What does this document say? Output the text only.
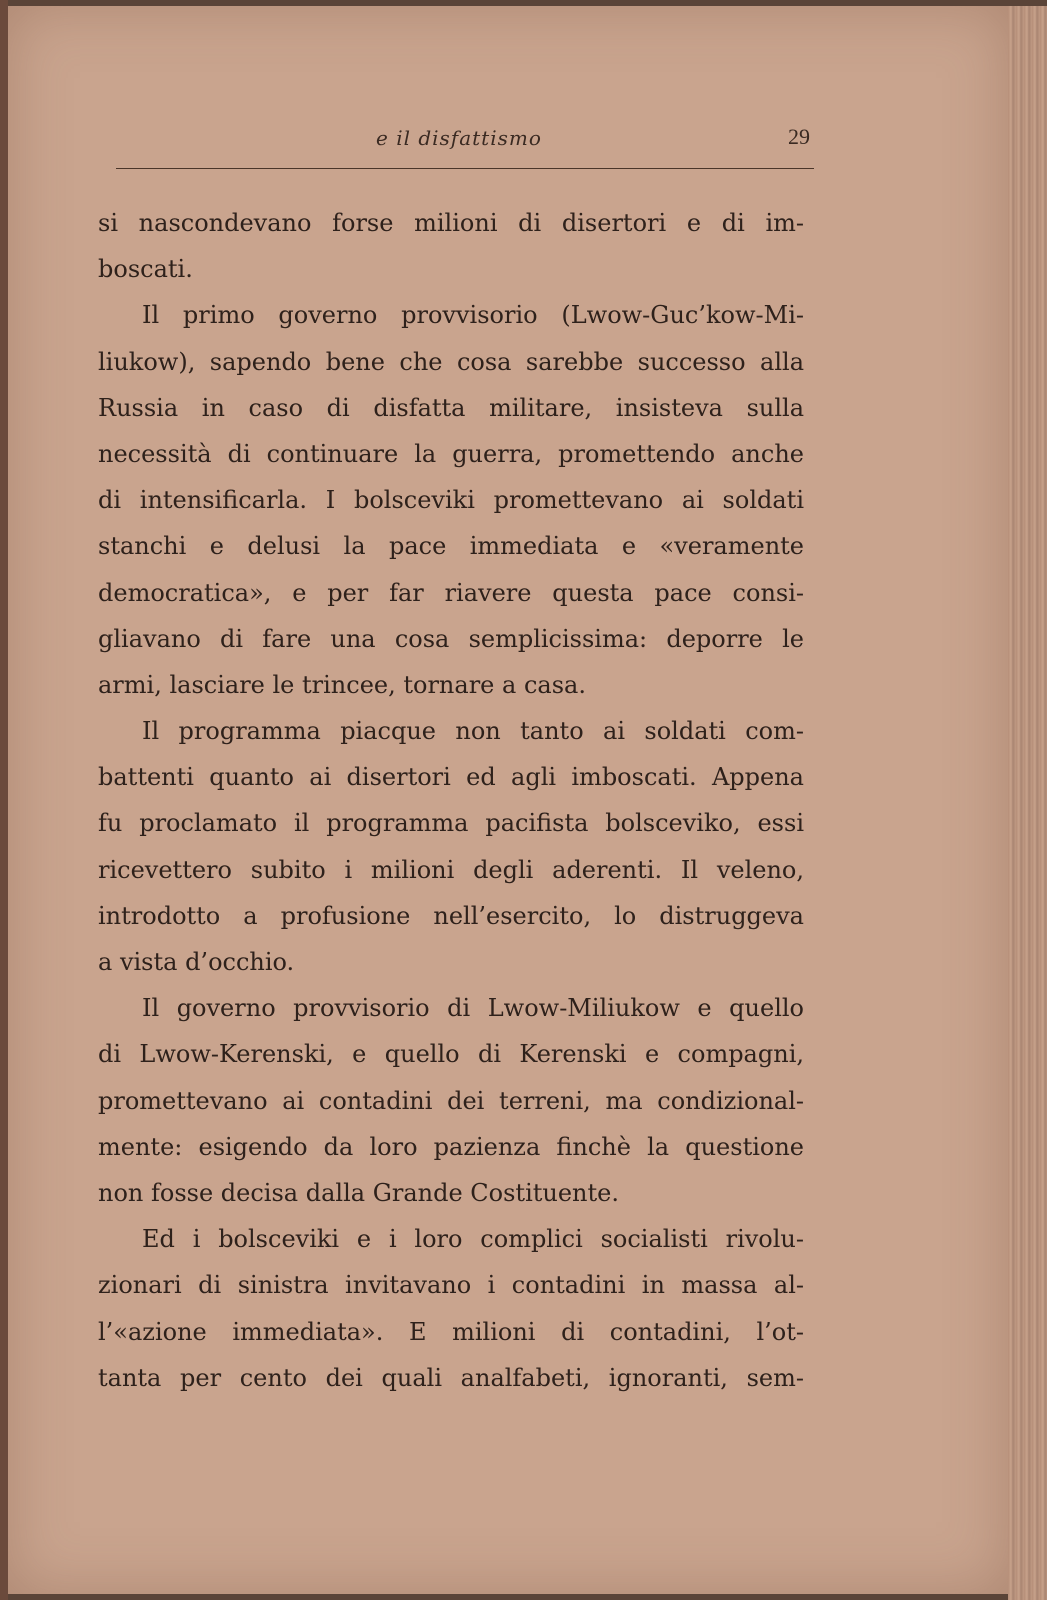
e il disfattismo	29
si nascondevano forse milioni di disertori e di im-
boscati.
Il primo governo provvisorio (Lwow-Guc’kow-Mi-
liukow), sapendo bene che cosa sarebbe successo alla
Russia in caso di disfatta militare, insisteva sulla
necessità di continuare la guerra, promettendo anche
di intensificarla. I bolsceviki promettevano ai soldati
stanchi e delusi la pace immediata e «veramente
democratica», e per far riavere questa pace consi-
gliavano di fare una cosa semplicissima: deporre le
armi, lasciare le trincee, tornare a casa.
Il programma piacque non tanto ai soldati com-
battenti quanto ai disertori ed agli imboscati. Appena
fu proclamato il programma pacifista bolsceviko, essi
ricevettero subito i milioni degli aderenti. Il veleno,
introdotto a profusione nell’esercito, lo distruggeva
a vista d’occhio.
Il governo provvisorio di Lwow-Miliukow e quello
di Lwow-Kerenski, e quello di Kerenski e compagni,
promettevano ai contadini dei terreni, ma condizional-
mente: esigendo da loro pazienza finchè la questione
non fosse decisa dalla Grande Costituente.
Ed i bolsceviki e i loro complici socialisti rivolu-
zionari di sinistra invitavano i contadini in massa al-
l’«azione immediata». E milioni di contadini, l’ot-
tanta per cento dei quali analfabeti, ignoranti, sem-
